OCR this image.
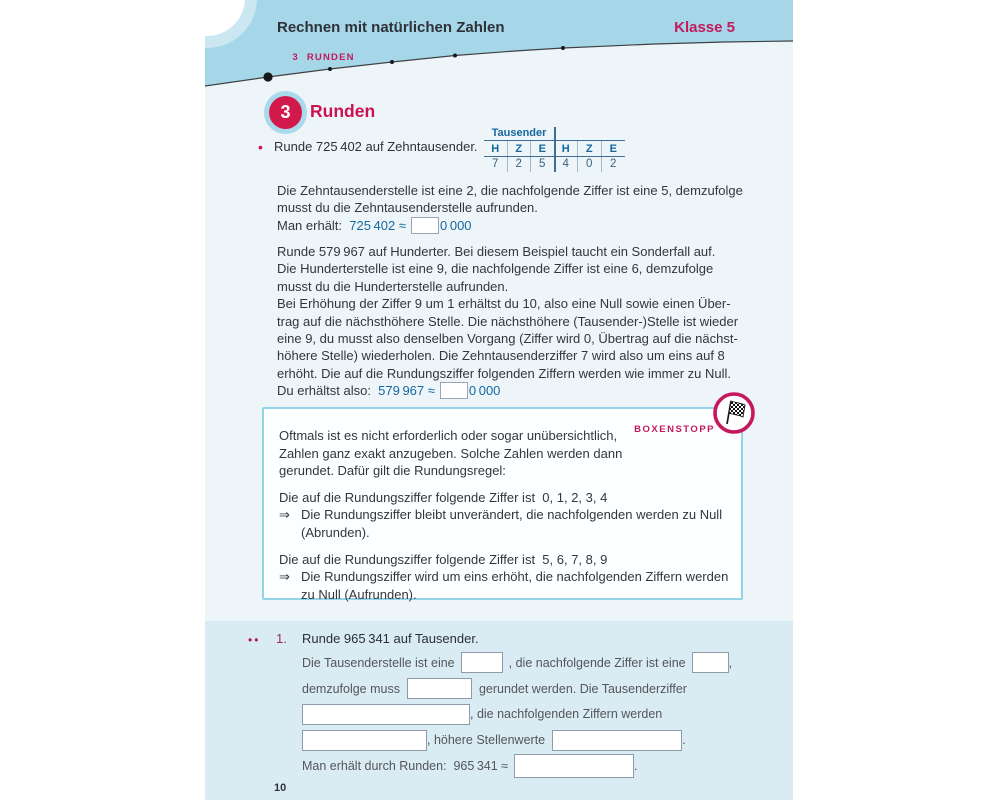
Rechnen mit natürlichen Zahlen

3 RUNDEN

Klasse 5
3	Runden
• Runde 725 402 auf Zehntausender.
Tausender
H	Z	E	H	Z	E
7	2	5	4	0	2
Die Zehntausenderstelle ist eine 2, die nachfolgende Ziffer ist eine 5, demzufolge
musst du die Zehntausenderstelle aufrunden.
Man erhält: 725 402 ≈	0 000
Runde 579 967 auf Hunderter. Bei diesem Beispiel taucht ein Sonderfall auf.
Die Hunderterstelle ist eine 9, die nachfolgende Ziffer ist eine 6, demzufolge
musst du die Hunderterstelle aufrunden.
Bei Erhöhung der Ziffer 9 um 1 erhältst du 10, also eine Null sowie einen Über-
trag auf die nächsthöhere Stelle. Die nächsthöhere (Tausender-)Stelle ist wieder
eine 9, du musst also denselben Vorgang (Ziffer wird 0, Übertrag auf die nächst-
höhere Stelle) wiederholen. Die Zehntausenderziffer 7 wird also um eins auf 8
erhöht. Die auf die Rundungsziffer folgenden Ziffern werden wie immer zu Null.
Du erhältst also: 579 967 ≈	0 000
BOXENSTOPP
Oftmals ist es nicht erforderlich oder sogar unübersichtlich,
Zahlen ganz exakt anzugeben. Solche Zahlen werden dann
gerundet. Dafür gilt die Rundungsregel:
Die auf die Rundungsziffer folgende Ziffer ist  0, 1, 2, 3, 4
⇒ Die Rundungsziffer bleibt unverändert, die nachfolgenden werden zu Null
(Abrunden).
Die auf die Rundungsziffer folgende Ziffer ist  5, 6, 7, 8, 9
⇒ Die Rundungsziffer wird um eins erhöht, die nachfolgenden Ziffern werden
zu Null (Aufrunden).
•• 1. Runde 965 341 auf Tausender.
Die Tausenderstelle ist eine	, die nachfolgende Ziffer ist eine	,
demzufolge muss	gerundet werden. Die Tausenderziffer
, die nachfolgenden Ziffern werden
, höhere Stellenwerte	.
Man erhält durch Runden:  965 341 ≈	.
10
